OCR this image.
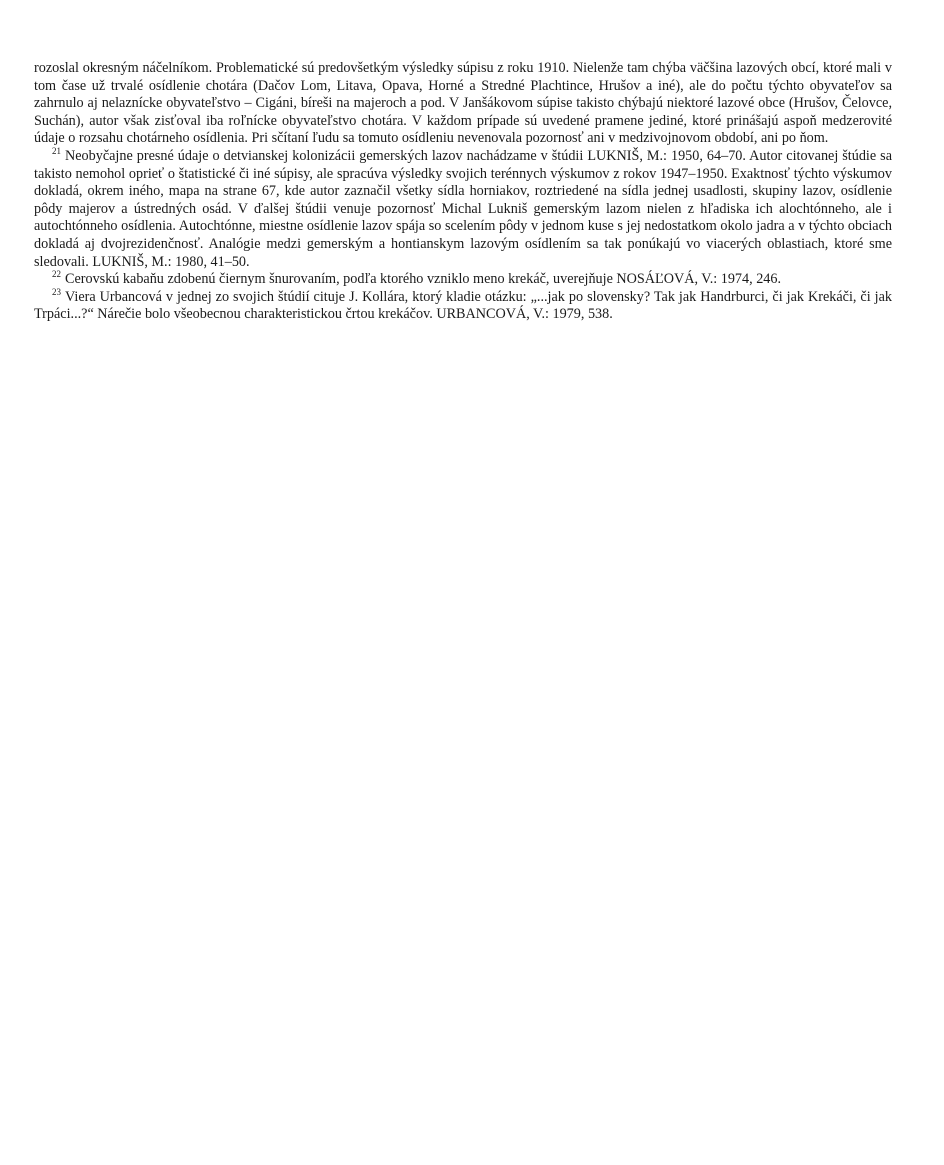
rozoslal okresným náčelníkom. Problematické sú predovšetkým výsledky súpisu z roku 1910. Nielenže tam chýba väčšina lazových obcí, ktoré mali v tom čase už trvalé osídlenie chotára (Dačov Lom, Litava, Opava, Horné a Stredné Plachtince, Hrušov a iné), ale do počtu týchto obyvateľov sa zahrnulo aj nelaznícke obyvateľstvo – Cigáni, bíreši na majeroch a pod. V Janšákovom súpise takisto chýbajú niektoré lazové obce (Hrušov, Čelovce, Suchán), autor však zisťoval iba roľnícke obyvateľstvo chotára. V každom prípade sú uvedené pramene jediné, ktoré prinášajú aspoň medzerovité údaje o rozsahu chotárneho osídlenia. Pri sčítaní ľudu sa tomuto osídleniu nevenovala pozornosť ani v medzivojnovom období, ani po ňom.

$^{21}$ Neobyčajne presné údaje o detvianskej kolonizácii gemerských lazov nachádzame v štúdii LUKNIŠ, M.: 1950, 64–70. Autor citovanej štúdie sa takisto nemohol oprieť o štatistické či iné súpisy, ale spracúva výsledky svojich terénnych výskumov z rokov 1947–1950. Exaktnosť týchto výskumov dokladá, okrem iného, mapa na strane 67, kde autor zaznačil všetky sídla horniakov, roztriedené na sídla jednej usadlosti, skupiny lazov, osídlenie pôdy majerov a ústredných osád. V ďalšej štúdii venuje pozornosť Michal Lukniš gemerským lazom nielen z hľadiska ich alochtónneho, ale i autochtónneho osídlenia. Autochtónne, miestne osídlenie lazov spája so scelením pôdy v jednom kuse s jej nedostatkom okolo jadra a v týchto obciach dokladá aj dvojrezidenčnosť. Analógie medzi gemerským a hontianskym lazovým osídlením sa tak ponúkajú vo viacerých oblastiach, ktoré sme sledovali. LUKNIŠ, M.: 1980, 41–50.

$^{22}$ Cerovskú kabaňu zdobenú čiernym šnurovaním, podľa ktorého vzniklo meno krekáč, uverejňuje NOSÁĽOVÁ, V.: 1974, 246.

$^{23}$ Viera Urbancová v jednej zo svojich štúdií cituje J. Kollára, ktorý kladie otázku: „...jak po slovensky? Tak jak Handrburci, či jak Krekáči, či jak Trpáci...?“ Nárečie bolo všeobecnou charakteristickou črtou krekáčov. URBANCOVÁ, V.: 1979, 538.
